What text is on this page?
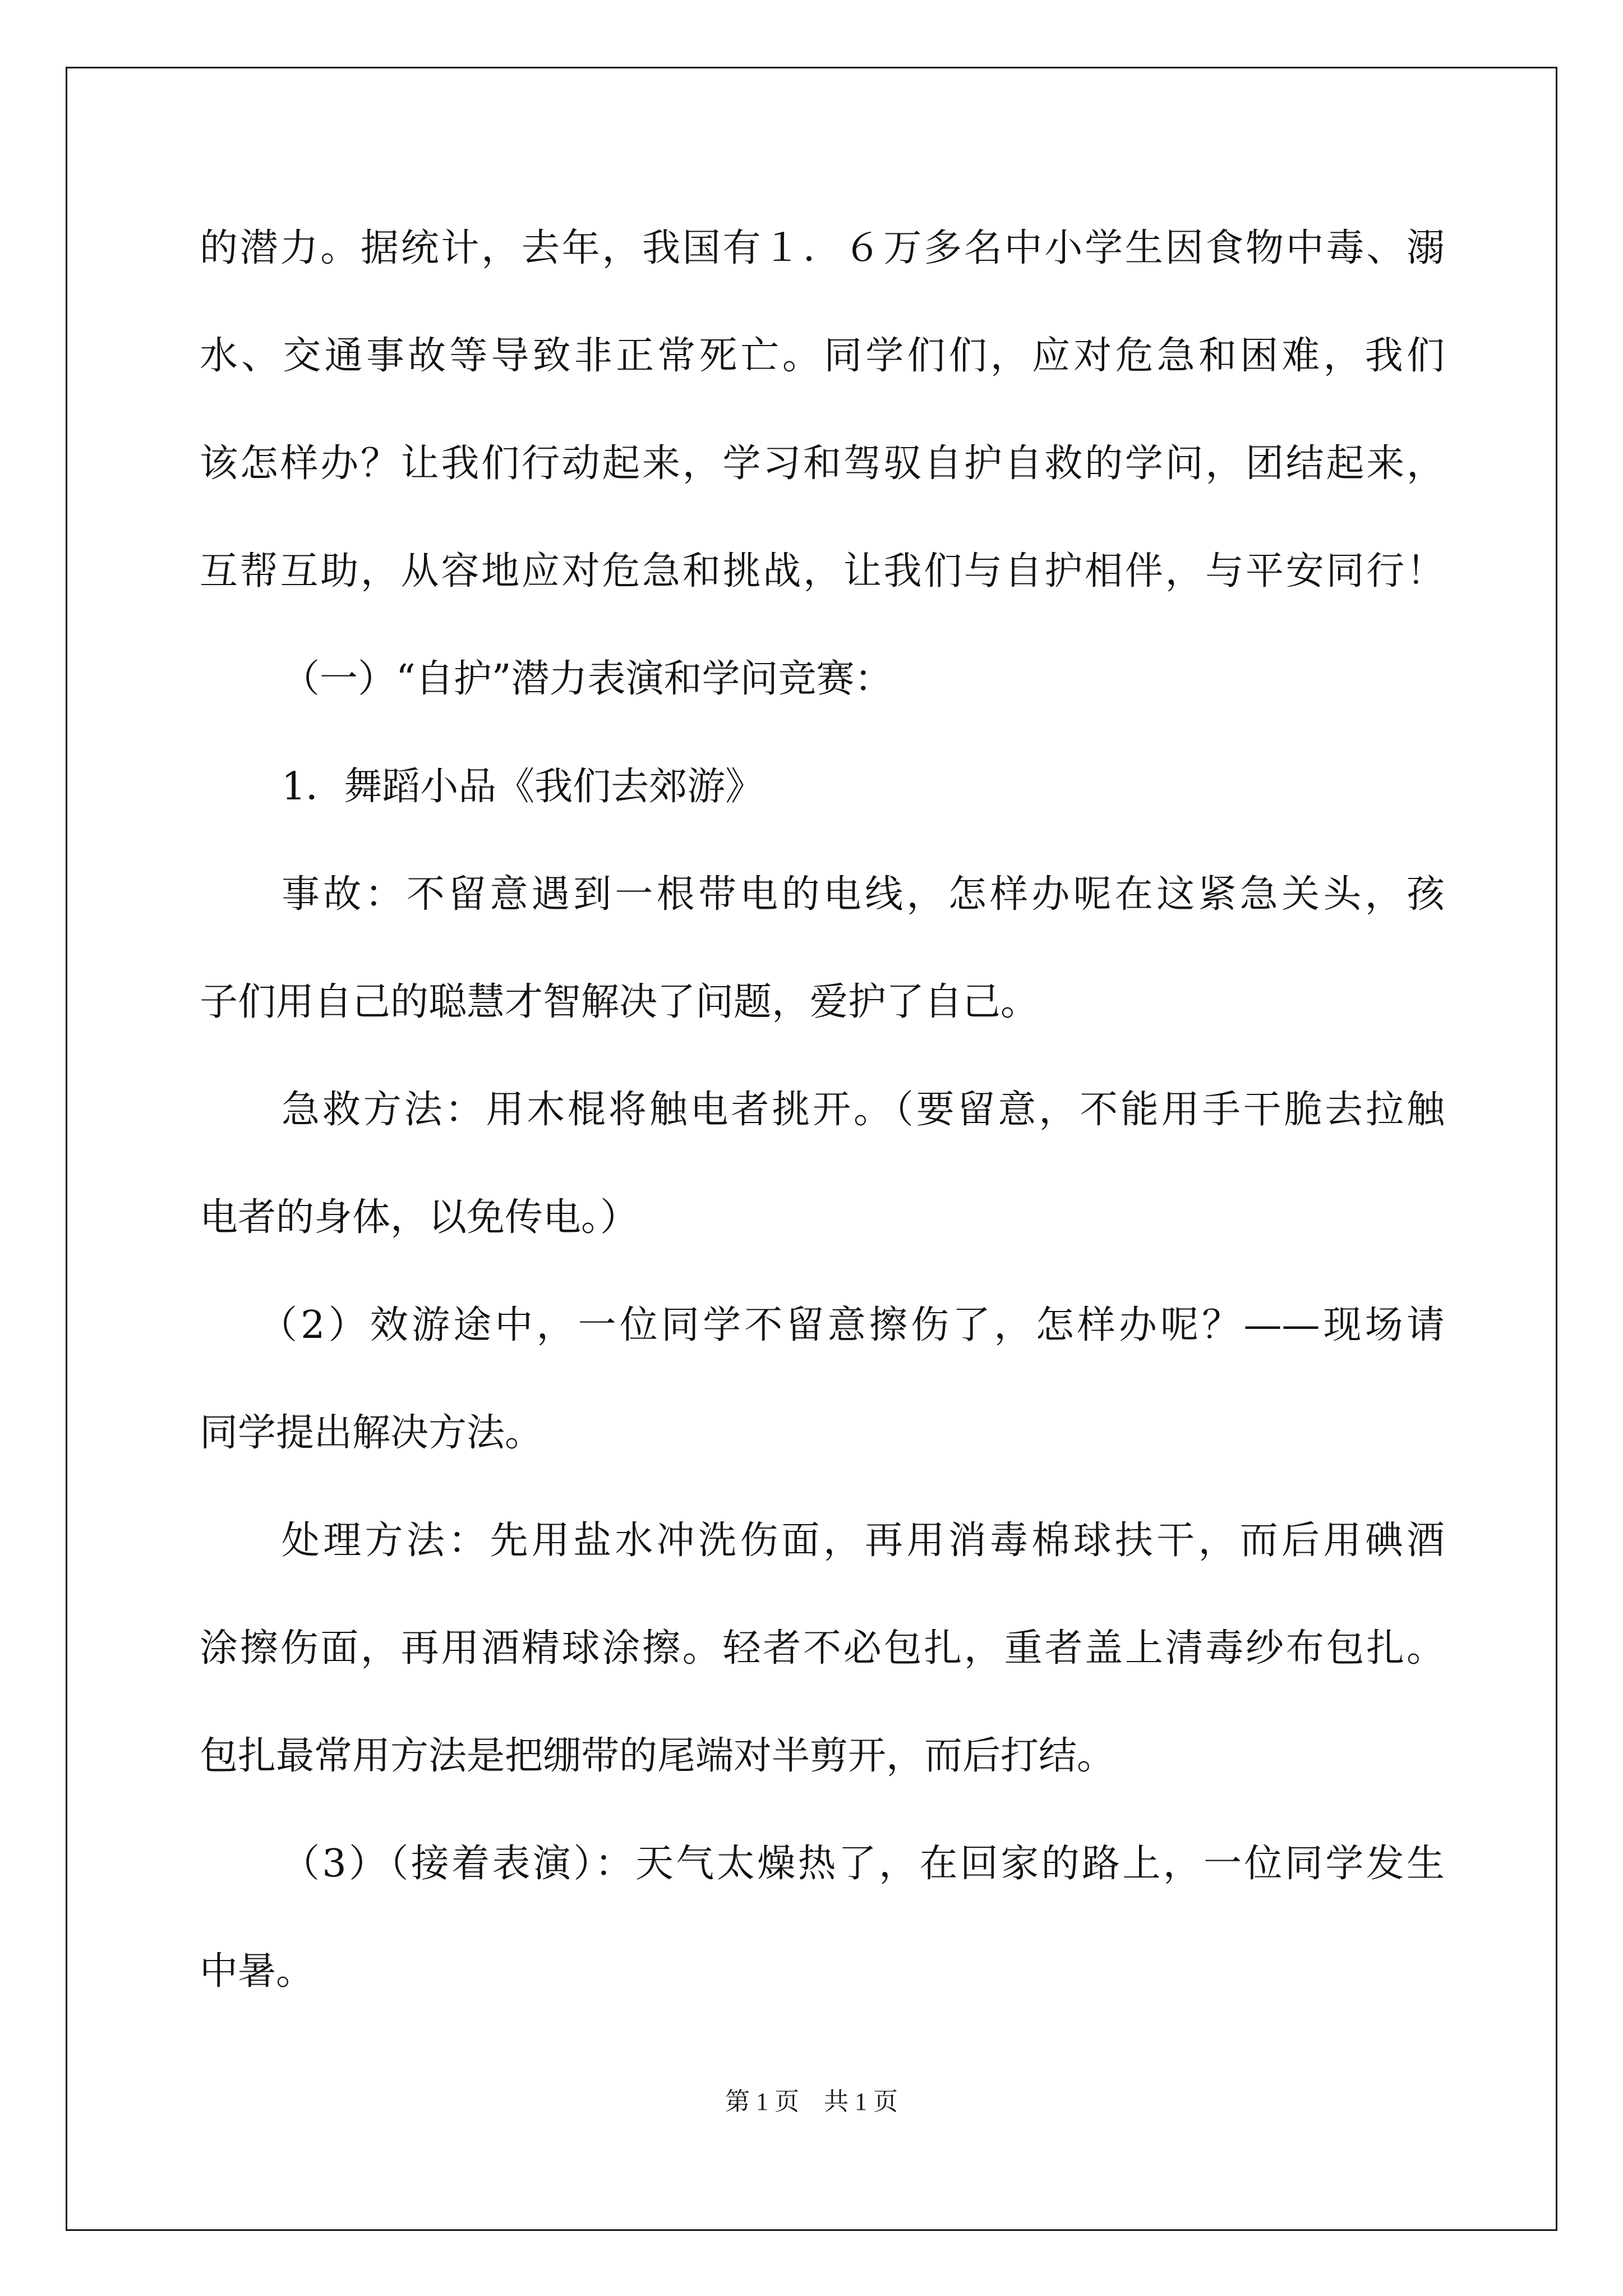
的潜力。据统计，去年，我国有１．６万多名中小学生因食物中毒、溺

水、交通事故等导致非正常死亡。同学们们，应对危急和困难，我们

该怎样办？让我们行动起来，学习和驾驭自护自救的学问，团结起来，

互帮互助，从容地应对危急和挑战，让我们与自护相伴，与平安同行！

（一）“自护”潜力表演和学问竞赛：

1．舞蹈小品《我们去郊游》

事故：不留意遇到一根带电的电线，怎样办呢在这紧急关头，孩

子们用自己的聪慧才智解决了问题，爱护了自己。

急救方法：用木棍将触电者挑开。（要留意，不能用手干脆去拉触

电者的身体，以免传电。）

（2）效游途中，一位同学不留意擦伤了，怎样办呢？——现场请

同学提出解决方法。

处理方法：先用盐水冲洗伤面，再用消毒棉球扶干，而后用碘酒

涂擦伤面，再用酒精球涂擦。轻者不必包扎，重者盖上清毒纱布包扎。

包扎最常用方法是把绷带的尾端对半剪开，而后打结。

（3）（接着表演）：天气太燥热了，在回家的路上，一位同学发生

中暑。

第 1 页　共 1 页
